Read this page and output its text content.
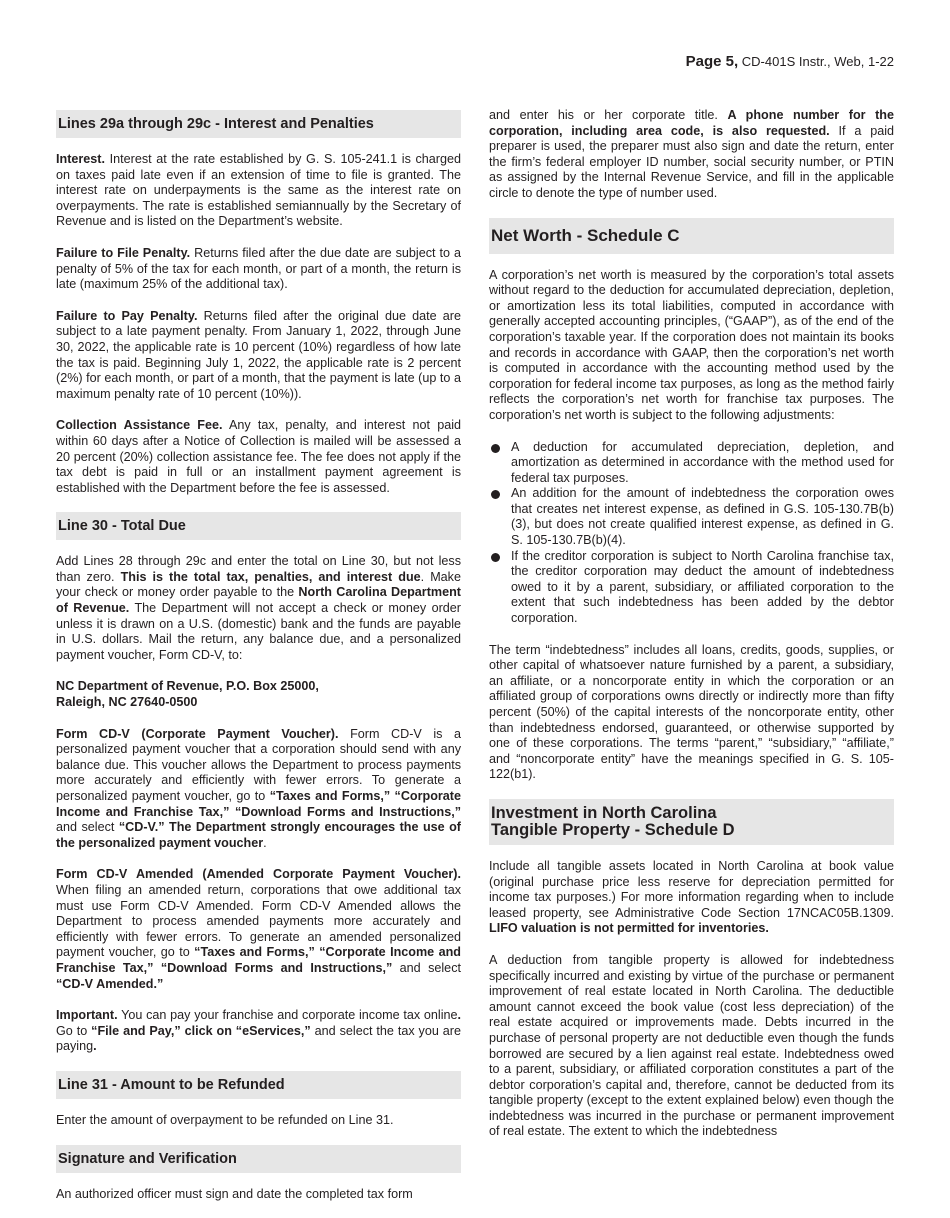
Page 5, CD-401S Instr., Web, 1-22
Lines 29a through 29c - Interest and Penalties

Interest. Interest at the rate established by G. S. 105-241.1 is charged on taxes paid late even if an extension of time to file is granted. The interest rate on underpayments is the same as the interest rate on overpayments. The rate is established semiannually by the Secretary of Revenue and is listed on the Department’s website.

Failure to File Penalty. Returns filed after the due date are subject to a penalty of 5% of the tax for each month, or part of a month, the return is late (maximum 25% of the additional tax).

Failure to Pay Penalty. Returns filed after the original due date are subject to a late payment penalty. From January 1, 2022, through June 30, 2022, the applicable rate is 10 percent (10%) regardless of how late the tax is paid. Beginning July 1, 2022, the applicable rate is 2 percent (2%) for each month, or part of a month, that the payment is late (up to a maximum penalty rate of 10 percent (10%)).

Collection Assistance Fee. Any tax, penalty, and interest not paid within 60 days after a Notice of Collection is mailed will be assessed a 20 percent (20%) collection assistance fee. The fee does not apply if the tax debt is paid in full or an installment payment agreement is established with the Department before the fee is assessed.

Line 30 - Total Due

Add Lines 28 through 29c and enter the total on Line 30, but not less than zero. This is the total tax, penalties, and interest due. Make your check or money order payable to the North Carolina Department of Revenue. The Department will not accept a check or money order unless it is drawn on a U.S. (domestic) bank and the funds are payable in U.S. dollars. Mail the return, any balance due, and a personalized payment voucher, Form CD-V, to:

NC Department of Revenue, P.O. Box 25000,
Raleigh, NC 27640-0500

Form CD-V (Corporate Payment Voucher). Form CD-V is a personalized payment voucher that a corporation should send with any balance due. This voucher allows the Department to process payments more accurately and efficiently with fewer errors. To generate a personalized payment voucher, go to “Taxes and Forms,” “Corporate Income and Franchise Tax,” “Download Forms and Instructions,” and select “CD-V.” The Department strongly encourages the use of the personalized payment voucher.

Form CD-V Amended (Amended Corporate Payment Voucher). When filing an amended return, corporations that owe additional tax must use Form CD-V Amended. Form CD-V Amended allows the Department to process amended payments more accurately and efficiently with fewer errors. To generate an amended personalized payment voucher, go to “Taxes and Forms,” “Corporate Income and Franchise Tax,” “Download Forms and Instructions,” and select “CD-V Amended.”

Important. You can pay your franchise and corporate income tax online. Go to “File and Pay,” click on “eServices,” and select the tax you are paying.

Line 31 - Amount to be Refunded

Enter the amount of overpayment to be refunded on Line 31.

Signature and Verification

An authorized officer must sign and date the completed tax form

and enter his or her corporate title. A phone number for the corporation, including area code, is also requested. If a paid preparer is used, the preparer must also sign and date the return, enter the firm’s federal employer ID number, social security number, or PTIN as assigned by the Internal Revenue Service, and fill in the applicable circle to denote the type of number used.

Net Worth - Schedule C

A corporation’s net worth is measured by the corporation’s total assets without regard to the deduction for accumulated depreciation, depletion, or amortization less its total liabilities, computed in accordance with generally accepted accounting principles, (“GAAP”), as of the end of the corporation’s taxable year. If the corporation does not maintain its books and records in accordance with GAAP, then the corporation’s net worth is computed in accordance with the accounting method used by the corporation for federal income tax purposes, as long as the method fairly reflects the corporation’s net worth for franchise tax purposes. The corporation’s net worth is subject to the following adjustments:

A deduction for accumulated depreciation, depletion, and amortization as determined in accordance with the method used for federal tax purposes.
An addition for the amount of indebtedness the corporation owes that creates net interest expense, as defined in G.S. 105-130.7B(b)(3), but does not create qualified interest expense, as defined in G. S. 105-130.7B(b)(4).
If the creditor corporation is subject to North Carolina franchise tax, the creditor corporation may deduct the amount of indebtedness owed to it by a parent, subsidiary, or affiliated corporation to the extent that such indebtedness has been added by the debtor corporation.

The term “indebtedness” includes all loans, credits, goods, supplies, or other capital of whatsoever nature furnished by a parent, a subsidiary, an affiliate, or a noncorporate entity in which the corporation or an affiliated group of corporations owns directly or indirectly more than fifty percent (50%) of the capital interests of the noncorporate entity, other than indebtedness endorsed, guaranteed, or otherwise supported by one of these corporations. The terms “parent,” “subsidiary,” “affiliate,” and “noncorporate entity” have the meanings specified in G. S. 105-122(b1).

Investment in North Carolina
Tangible Property - Schedule D

Include all tangible assets located in North Carolina at book value (original purchase price less reserve for depreciation permitted for income tax purposes.) For more information regarding when to include leased property, see Administrative Code Section 17NCAC05B.1309. LIFO valuation is not permitted for inventories.

A deduction from tangible property is allowed for indebtedness specifically incurred and existing by virtue of the purchase or permanent improvement of real estate located in North Carolina. The deductible amount cannot exceed the book value (cost less depreciation) of the real estate acquired or improvements made. Debts incurred in the purchase of personal property are not deductible even though the funds borrowed are secured by a lien against real estate. Indebtedness owed to a parent, subsidiary, or affiliated corporation constitutes a part of the debtor corporation’s capital and, therefore, cannot be deducted from its tangible property (except to the extent explained below) even though the indebtedness was incurred in the purchase or permanent improvement of real estate. The extent to which the indebtedness
